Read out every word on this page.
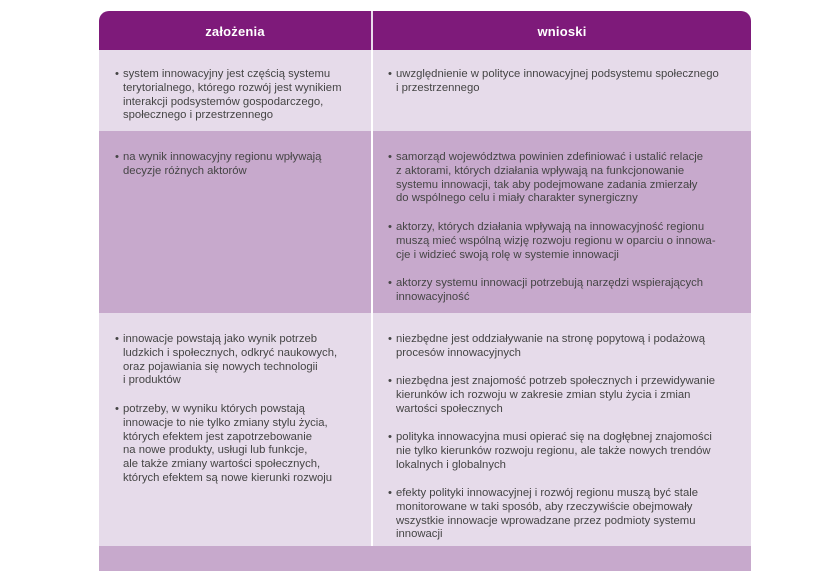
założenia	wnioski
• system innowacyjny jest częścią systemu
terytorialnego, którego rozwój jest wynikiem
interakcji podsystemów gospodarczego,
społecznego i przestrzennego
• uwzględnienie w polityce innowacyjnej podsystemu społecznego
i przestrzennego
• na wynik innowacyjny regionu wpływają
decyzje różnych aktorów
• samorząd województwa powinien zdefiniować i ustalić relacje
z aktorami, których działania wpływają na funkcjonowanie
systemu innowacji, tak aby podejmowane zadania zmierzały
do wspólnego celu i miały charakter synergiczny
• aktorzy, których działania wpływają na innowacyjność regionu
muszą mieć wspólną wizję rozwoju regionu w oparciu o innowa-
cje i widzieć swoją rolę w systemie innowacji
• aktorzy systemu innowacji potrzebują narzędzi wspierających
innowacyjność
• innowacje powstają jako wynik potrzeb
ludzkich i społecznych, odkryć naukowych,
oraz pojawiania się nowych technologii
i produktów
• potrzeby, w wyniku których powstają
innowacje to nie tylko zmiany stylu życia,
których efektem jest zapotrzebowanie
na nowe produkty, usługi lub funkcje,
ale także zmiany wartości społecznych,
których efektem są nowe kierunki rozwoju
• niezbędne jest oddziaływanie na stronę popytową i podażową
procesów innowacyjnych
• niezbędna jest znajomość potrzeb społecznych i przewidywanie
kierunków ich rozwoju w zakresie zmian stylu życia i zmian
wartości społecznych
• polityka innowacyjna musi opierać się na dogłębnej znajomości
nie tylko kierunków rozwoju regionu, ale także nowych trendów
lokalnych i globalnych
• efekty polityki innowacyjnej i rozwój regionu muszą być stale
monitorowane w taki sposób, aby rzeczywiście obejmowały
wszystkie innowacje wprowadzane przez podmioty systemu
innowacji
